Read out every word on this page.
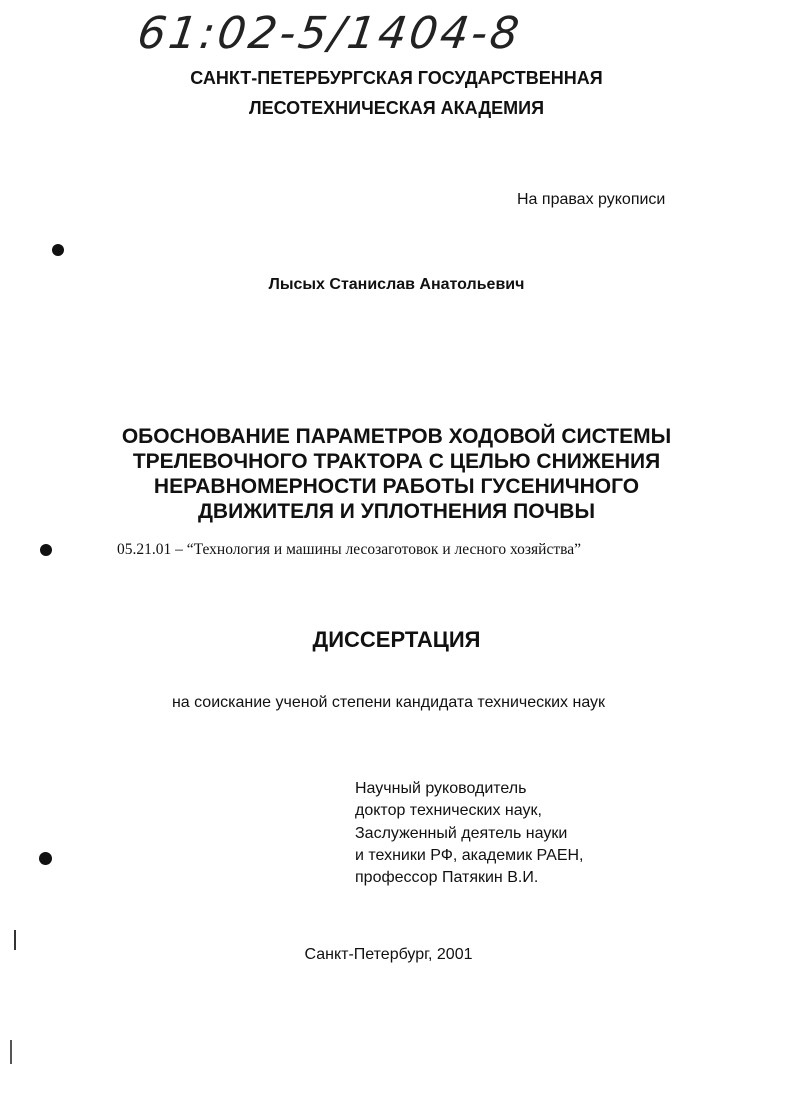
61:02-5/1404-8
САНКТ-ПЕТЕРБУРГСКАЯ ГОСУДАРСТВЕННАЯ
ЛЕСОТЕХНИЧЕСКАЯ АКАДЕМИЯ
На правах рукописи
Лысых Станислав Анатольевич
ОБОСНОВАНИЕ ПАРАМЕТРОВ ХОДОВОЙ СИСТЕМЫ
ТРЕЛЕВОЧНОГО ТРАКТОРА С ЦЕЛЬЮ СНИЖЕНИЯ
НЕРАВНОМЕРНОСТИ РАБОТЫ ГУСЕНИЧНОГО
ДВИЖИТЕЛЯ И УПЛОТНЕНИЯ ПОЧВЫ
05.21.01 – “Технология и машины лесозаготовок и лесного хозяйства”
ДИССЕРТАЦИЯ
на соискание ученой степени кандидата технических наук
Научный руководитель
доктор технических наук,
Заслуженный деятель науки
и техники РФ, академик РАЕН,
профессор Патякин В.И.
Санкт-Петербург, 2001
